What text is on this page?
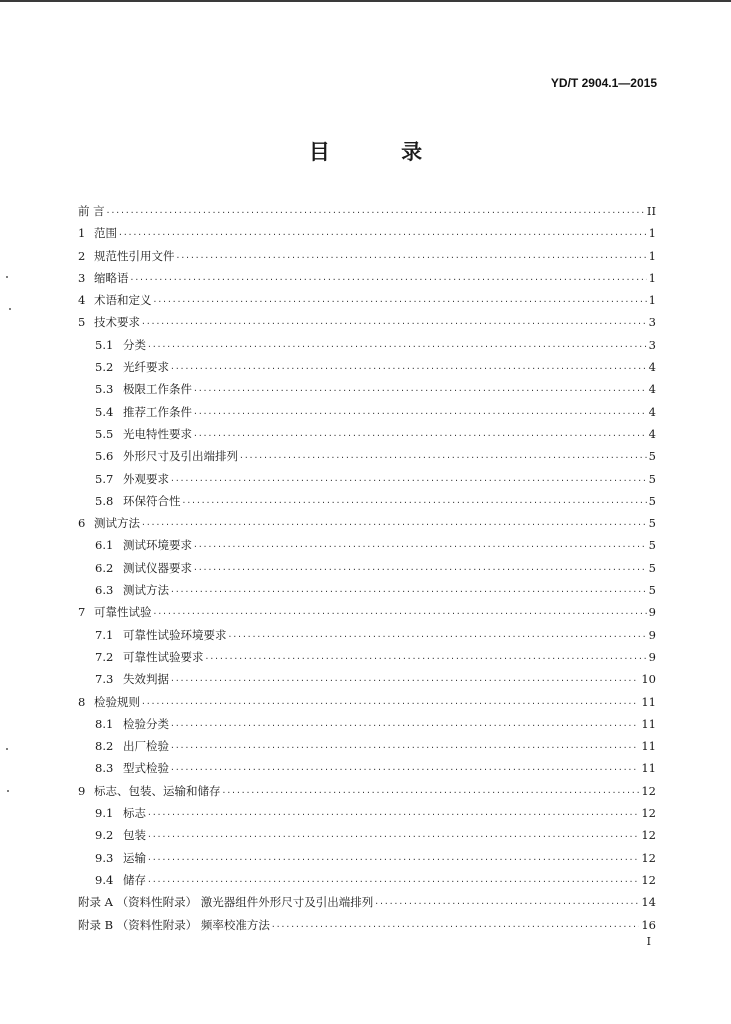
YD/T 2904.1—2015
目 录
前 言 ·····	II
1 范围 ·····	1
2 规范性引用文件 ·····	1
3 缩略语 ·····	1
4 术语和定义 ·····	1
5 技术要求 ·····	3
5.1 分类 ·····	3
5.2 光纤要求 ·····	4
5.3 极限工作条件 ·····	4
5.4 推荐工作条件 ·····	4
5.5 光电特性要求 ·····	4
5.6 外形尺寸及引出端排列 ·····	5
5.7 外观要求 ·····	5
5.8 环保符合性 ·····	5
6 测试方法 ·····	5
6.1 测试环境要求 ·····	5
6.2 测试仪器要求 ·····	5
6.3 测试方法 ·····	5
7 可靠性试验 ·····	9
7.1 可靠性试验环境要求 ·····	9
7.2 可靠性试验要求 ·····	9
7.3 失效判据 ·····	10
8 检验规则 ·····	11
8.1 检验分类 ·····	11
8.2 出厂检验 ·····	11
8.3 型式检验 ·····	11
9 标志、包装、运输和储存 ·····	12
9.1 标志 ·····	12
9.2 包装 ·····	12
9.3 运输 ·····	12
9.4 储存 ·····	12
附录 A （资料性附录） 激光器组件外形尺寸及引出端排列 ·····	14
附录 B （资料性附录） 频率校准方法 ·····	16
I
